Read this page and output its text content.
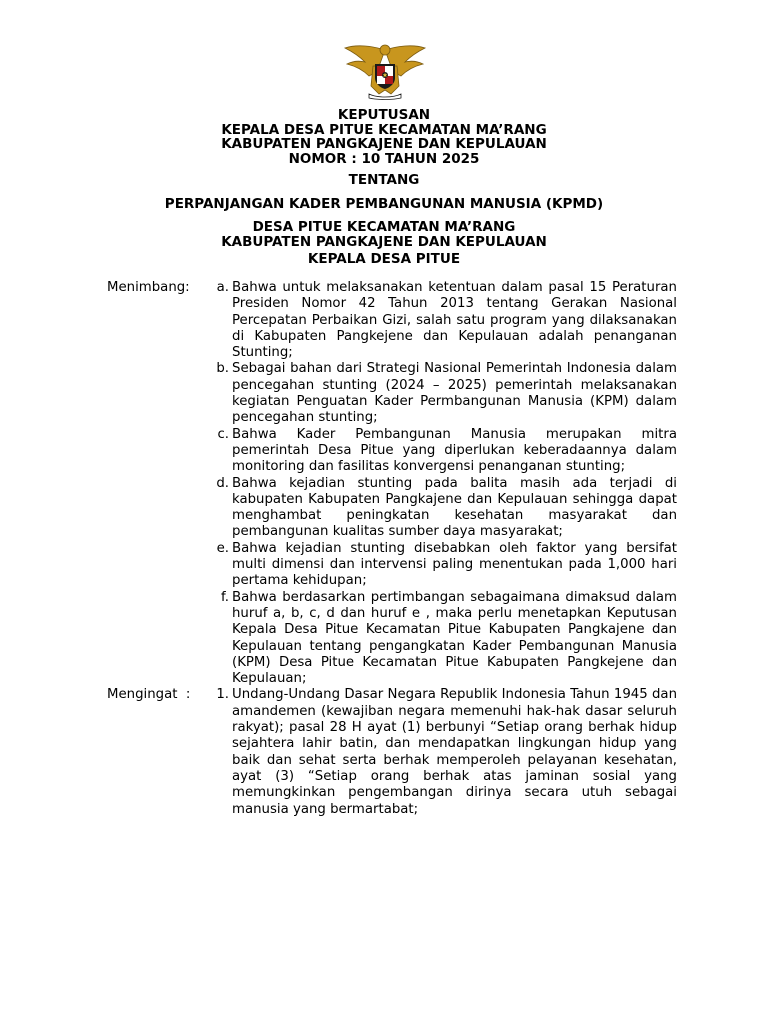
KEPUTUSAN
KEPALA DESA PITUE KECAMATAN MA’RANG
KABUPATEN PANGKAJENE DAN KEPULAUAN
NOMOR : 10 TAHUN 2025
TENTANG
PERPANJANGAN KADER PEMBANGUNAN MANUSIA (KPMD)
DESA PITUE KECAMATAN MA’RANG
KABUPATEN PANGKAJENE DAN KEPULAUAN
KEPALA DESA PITUE
Menimbang:	a. Bahwa untuk melaksanakan ketentuan dalam pasal 15 Peraturan Presiden Nomor 42 Tahun 2013 tentang Gerakan Nasional Percepatan Perbaikan Gizi, salah satu program yang dilaksanakan di Kabupaten Pangkejene dan Kepulauan adalah penanganan Stunting;
b. Sebagai bahan dari Strategi Nasional Pemerintah Indonesia dalam pencegahan stunting (2024 – 2025) pemerintah melaksanakan kegiatan Penguatan Kader Permbangunan Manusia (KPM) dalam pencegahan stunting;
c. Bahwa Kader Pembangunan Manusia merupakan mitra pemerintah Desa Pitue yang diperlukan keberadaannya dalam monitoring dan fasilitas konvergensi penanganan stunting;
d. Bahwa kejadian stunting pada balita masih ada terjadi di kabupaten Kabupaten Pangkajene dan Kepulauan sehingga dapat menghambat peningkatan kesehatan masyarakat dan pembangunan kualitas sumber daya masyarakat;
e. Bahwa kejadian stunting disebabkan oleh faktor yang bersifat multi dimensi dan intervensi paling menentukan pada 1,000 hari pertama kehidupan;
f. Bahwa berdasarkan pertimbangan sebagaimana dimaksud dalam huruf a, b, c, d dan huruf e , maka perlu menetapkan Keputusan Kepala Desa Pitue Kecamatan Pitue Kabupaten Pangkajene dan Kepulauan tentang pengangkatan Kader Pembangunan Manusia (KPM) Desa Pitue Kecamatan Pitue Kabupaten Pangkejene dan Kepulauan;
Mengingat  :	1. Undang-Undang Dasar Negara Republik Indonesia Tahun 1945 dan amandemen (kewajiban negara memenuhi hak-hak dasar seluruh rakyat); pasal 28 H ayat (1) berbunyi “Setiap orang berhak hidup sejahtera lahir batin, dan mendapatkan lingkungan hidup yang baik dan sehat serta berhak memperoleh pelayanan kesehatan, ayat (3) “Setiap orang berhak atas jaminan sosial yang memungkinkan pengembangan dirinya secara utuh sebagai manusia yang bermartabat;
